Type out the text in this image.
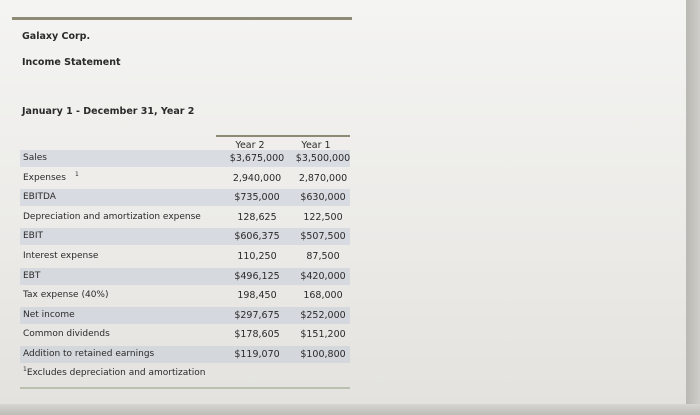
Galaxy Corp.
Income Statement
January 1 - December 31, Year 2
Year 2	Year 1
Sales	$3,675,000	$3,500,000
Expenses 1	2,940,000	2,870,000
EBITDA	$735,000	$630,000
Depreciation and amortization expense	128,625	122,500
EBIT	$606,375	$507,500
Interest expense	110,250	87,500
EBT	$496,125	$420,000
Tax expense (40%)	198,450	168,000
Net income	$297,675	$252,000
Common dividends	$178,605	$151,200
Addition to retained earnings	$119,070	$100,800
$^1$Excludes depreciation and amortization
